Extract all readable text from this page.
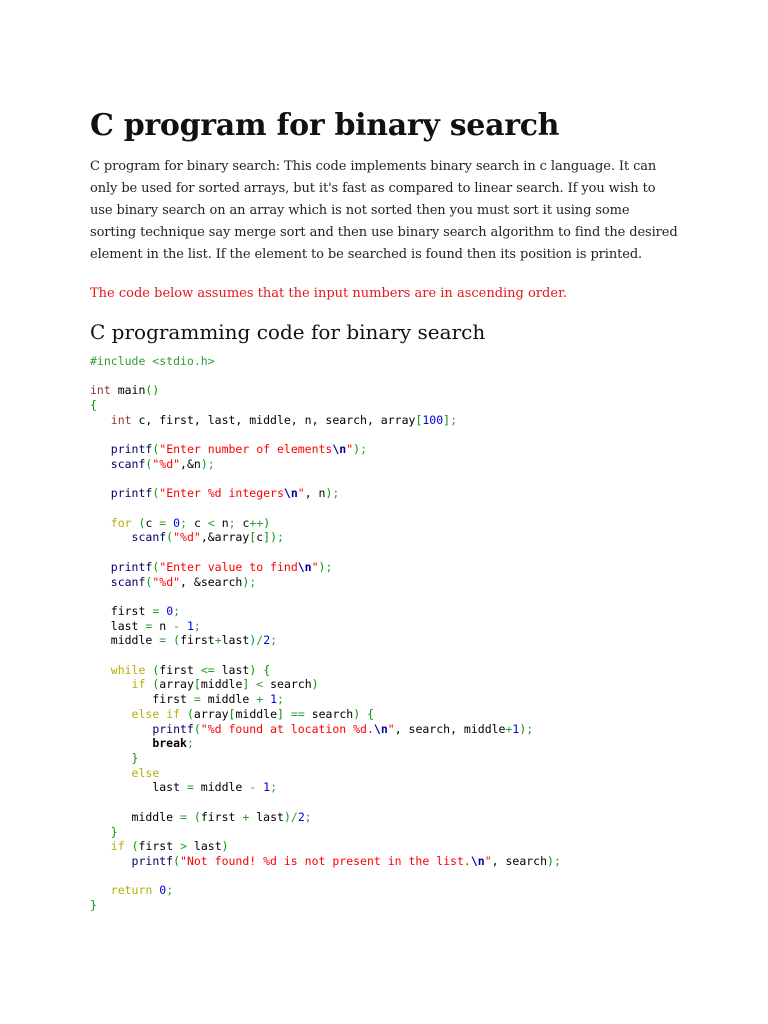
C program for binary search

C program for binary search: This code implements binary search in c language. It can only be used for sorted arrays, but it's fast as compared to linear search. If you wish to use binary search on an array which is not sorted then you must sort it using some sorting technique say merge sort and then use binary search algorithm to find the desired element in the list. If the element to be searched is found then its position is printed.

The code below assumes that the input numbers are in ascending order.

C programming code for binary search
#include <stdio.h>

int main()
{
int c, first, last, middle, n, search, array[100];

printf("Enter number of elements\n");
scanf("%d",&n);

printf("Enter %d integers\n", n);

for (c = 0; c < n; c++)
scanf("%d",&array[c]);

printf("Enter value to find\n");
scanf("%d", &search);

first = 0;
last = n - 1;
middle = (first+last)/2;

while (first <= last) {
if (array[middle] < search)
first = middle + 1;
else if (array[middle] == search) {
printf("%d found at location %d.\n", search, middle+1);
break;
}
else
last = middle - 1;

middle = (first + last)/2;
}
if (first > last)
printf("Not found! %d is not present in the list.\n", search);

return 0;
}
